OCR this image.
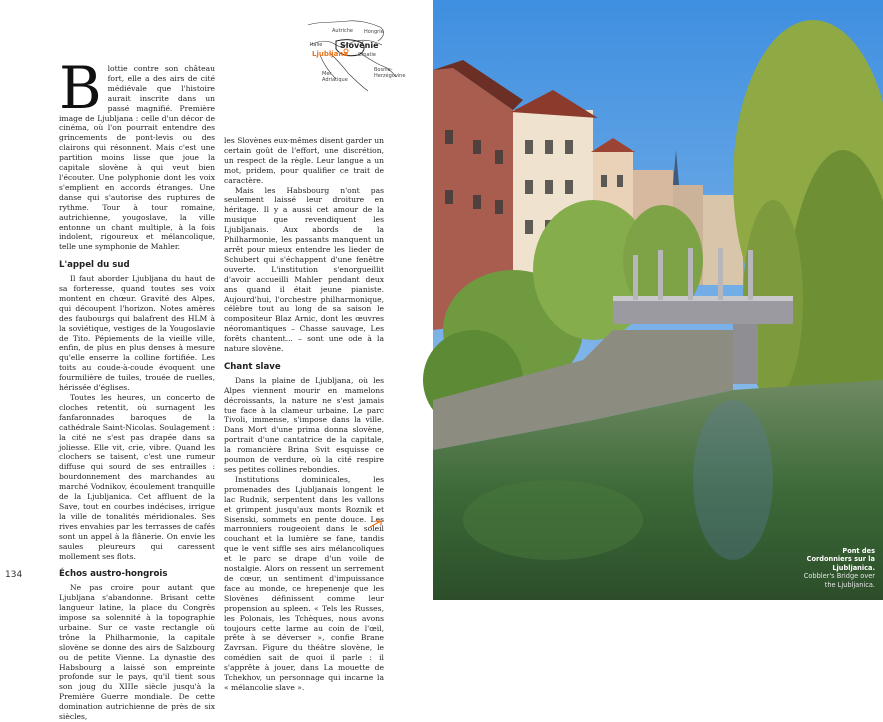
Autriche Hongrie
Italie Slovénie
Ljubljana Croatie
Bosnie-Herzégovine
Mer Adriatique
B lottie contre son château fort, elle a des airs de cité médiévale que l'histoire aurait inscrite dans un passé magnifié. Première image de Ljubljana : celle d'un décor de cinéma, où l'on pourrait entendre des grincements de pont-levis ou des clairons qui résonnent. Mais c'est une partition moins lisse que joue la capitale slovène à qui veut bien l'écouter. Une polyphonie dont les voix s'emplient en accords étranges. Une danse qui s'autorise des ruptures de rythme. Tour à tour romaine, autrichienne, yougoslave, la ville entonne un chant multiple, à la fois indolent, rigoureux et mélancolique, telle une symphonie de Mahler.

L'appel du sud

Il faut aborder Ljubljana du haut de sa forteresse, quand toutes ses voix montent en chœur. Gravité des Alpes, qui découpent l'horizon. Notes amères des faubourgs qui balafrent des HLM à la soviétique, vestiges de la Yougoslavie de Tito. Pépiements de la vieille ville, enfin, de plus en plus denses à mesure qu'elle enserre la colline fortifiée. Les toits au coude-à-coude évoquent une fourmilière de tuiles, trouée de ruelles, hérissée d'églises.

Toutes les heures, un concerto de cloches retentit, où surnagent les fanfaronnades baroques de la cathédrale Saint-Nicolas. Soulagement : la cité ne s'est pas drapée dans sa joliesse. Elle vit, crie, vibre. Quand les clochers se taisent, c'est une rumeur diffuse qui sourd de ses entrailles : bourdonnement des marchandes au marché Vodnikov, écoulement tranquille de la Ljubljanica. Cet affluent de la Save, tout en courbes indécises, irrigue la ville de tonalités méridionales. Ses rives envahies par les terrasses de cafés sont un appel à la flânerie. On envie les saules pleureurs qui caressent mollement ses flots.

Échos austro-hongrois

Ne pas croire pour autant que Ljubljana s'abandonne. Brisant cette langueur latine, la place du Congrès impose sa solennité à la topographie urbaine. Sur ce vaste rectangle où trône la Philharmonie, la capitale slovène se donne des airs de Salzbourg ou de petite Vienne. La dynastie des Habsbourg a laissé son empreinte profonde sur le pays, qu'il tient sous son joug du XIIIe siècle jusqu'à la Première Guerre mondiale. De cette domination autrichienne de près de six siècles,

les Slovènes eux-mêmes disent garder un certain goût de l'effort, une discrétion, un respect de la règle. Leur langue a un mot, pridem, pour qualifier ce trait de caractère.

Mais les Habsbourg n'ont pas seulement laissé leur droiture en héritage. Il y a aussi cet amour de la musique que revendiquent les Ljubljanais. Aux abords de la Philharmonie, les passants manquent un arrêt pour mieux entendre les lieder de Schubert qui s'échappent d'une fenêtre ouverte. L'institution s'enorgueillit d'avoir accueilli Mahler pendant deux ans quand il était jeune pianiste. Aujourd'hui, l'orchestre philharmonique, célèbre tout au long de sa saison le compositeur Blaz Arnic, dont les œuvres néoromantiques – Chasse sauvage, Les forêts chantent... – sont une ode à la nature slovène.

Chant slave

Dans la plaine de Ljubljana, où les Alpes viennent mourir en mamelons décroissants, la nature ne s'est jamais tue face à la clameur urbaine. Le parc Tivoli, immense, s'impose dans la ville. Dans Mort d'une prima donna slovène, portrait d'une cantatrice de la capitale, la romancière Brina Svit esquisse ce poumon de verdure, où la cité respire ses petites collines rebondies.

Institutions dominicales, les promenades des Ljubljanais longent le lac Rudnik, serpentent dans les vallons et grimpent jusqu'aux monts Roznik et Sisenski, sommets en pente douce. Les marronniers rougeoient dans le soleil couchant et la lumière se fane, tandis que le vent siffle ses airs mélancoliques et le parc se drape d'un voile de nostalgie. Alors on ressent un serrement de cœur, un sentiment d'impuissance face au monde, ce hrepenenje que les Slovènes définissent comme leur propension au spleen. « Tels les Russes, les Polonais, les Tchèques, nous avons toujours cette larme au coin de l'œil, prête à se déverser », confie Brane Zavrsan. Figure du théâtre slovène, le comédien sait de quoi il parle : il s'apprête à jouer, dans La mouette de Tchekhov, un personnage qui incarne la « mélancolie slave ».

134
Pont des Cordonniers sur la Ljubljanica.
Cobbler's Bridge over the Ljubljanica.
